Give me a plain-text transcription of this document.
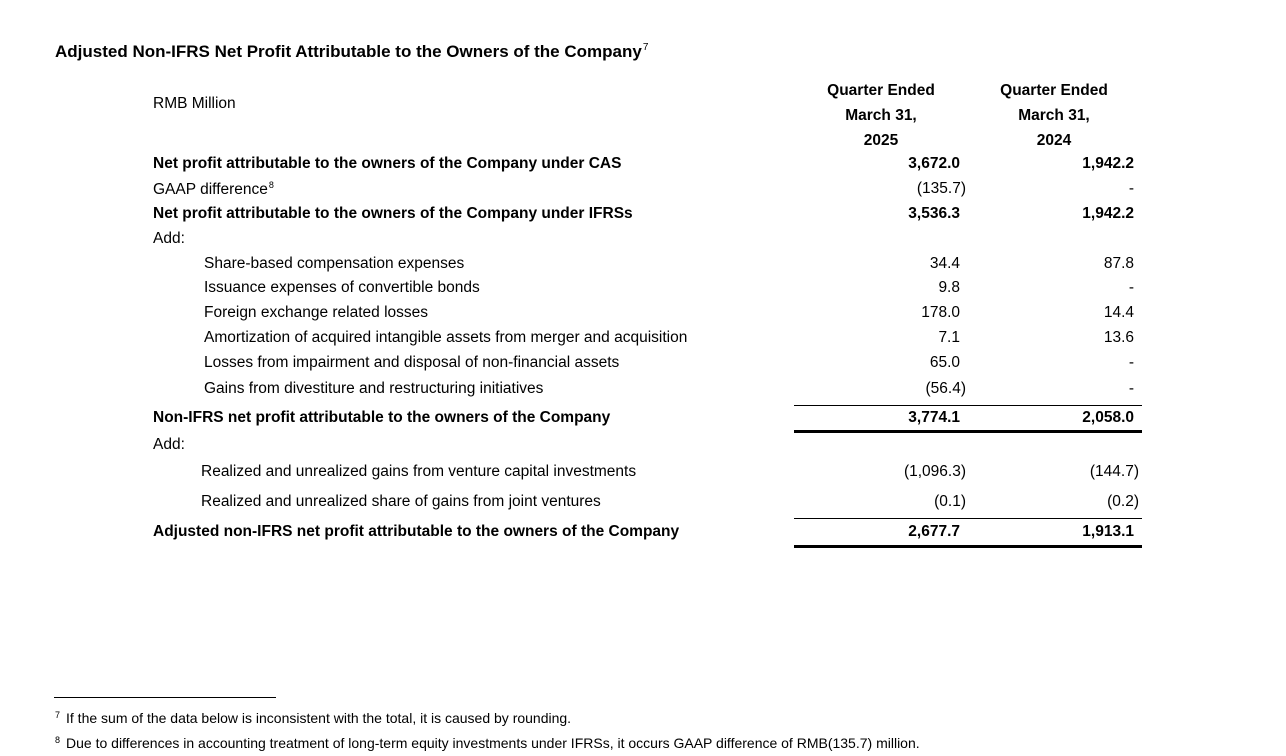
Adjusted Non-IFRS Net Profit Attributable to the Owners of the Company$^7$
RMB Million
Quarter Ended
March 31,
2025
Quarter Ended
March 31,
2024
Net profit attributable to the owners of the Company under CAS	3,672.0	1,942.2
GAAP difference$^8$	(135.7)	-
Net profit attributable to the owners of the Company under IFRSs	3,536.3	1,942.2
Add:
Share-based compensation expenses	34.4	87.8
Issuance expenses of convertible bonds	9.8	-
Foreign exchange related losses	178.0	14.4
Amortization of acquired intangible assets from merger and acquisition	7.1	13.6
Losses from impairment and disposal of non-financial assets	65.0	-
Gains from divestiture and restructuring initiatives	(56.4)	-
Non-IFRS net profit attributable to the owners of the Company	3,774.1	2,058.0
Add:
Realized and unrealized gains from venture capital investments	(1,096.3)	(144.7)
Realized and unrealized share of gains from joint ventures	(0.1)	(0.2)
Adjusted non-IFRS net profit attributable to the owners of the Company	2,677.7	1,913.1
$^7$ If the sum of the data below is inconsistent with the total, it is caused by rounding.
$^8$ Due to differences in accounting treatment of long-term equity investments under IFRSs, it occurs GAAP difference of RMB(135.7) million.
